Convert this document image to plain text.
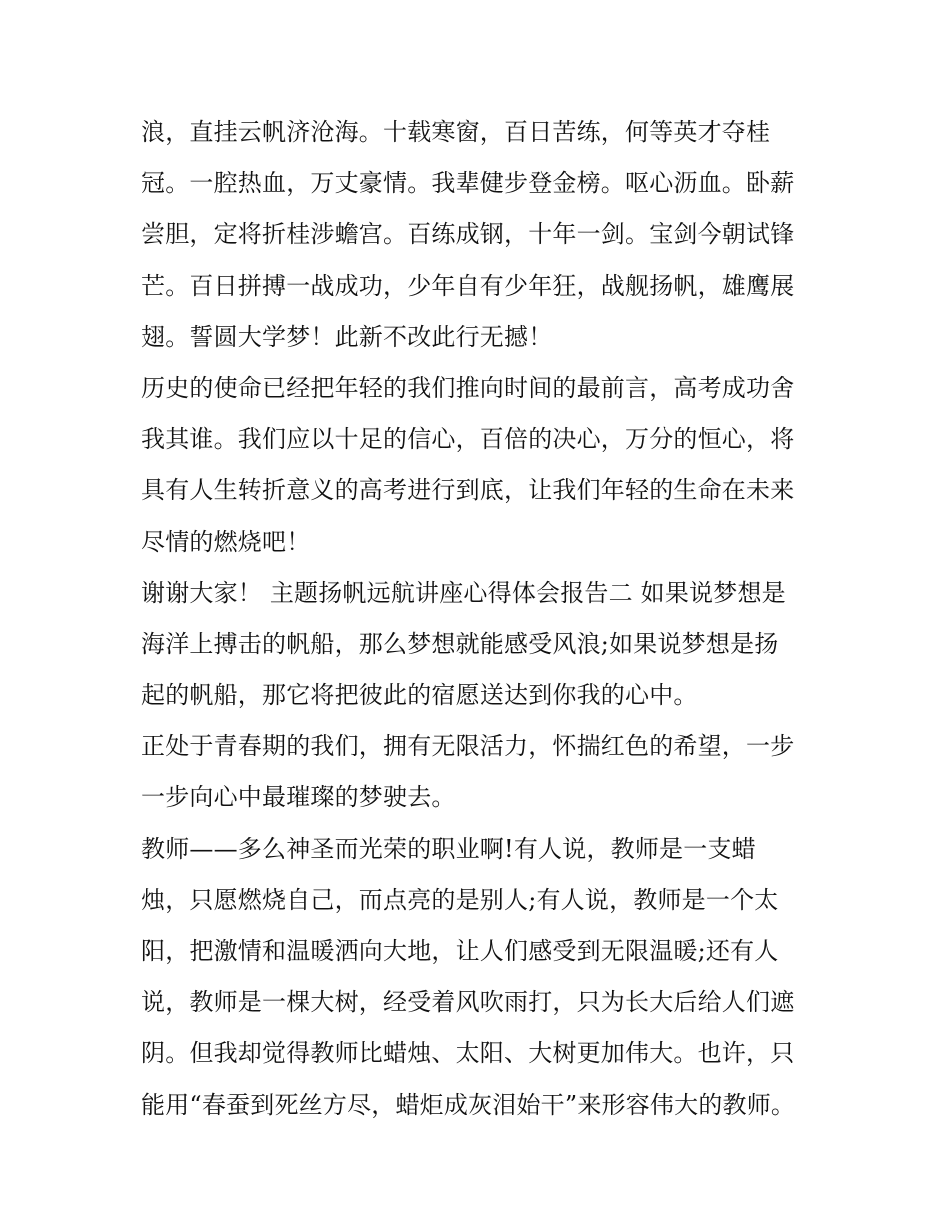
浪，直挂云帆济沧海。十载寒窗，百日苦练，何等英才夺桂
冠。一腔热血，万丈豪情。我辈健步登金榜。呕心沥血。卧薪
尝胆，定将折桂涉蟾宫。百练成钢，十年一剑。宝剑今朝试锋
芒。百日拼搏一战成功，少年自有少年狂，战舰扬帆，雄鹰展
翅。誓圆大学梦！此新不改此行无撼！
历史的使命已经把年轻的我们推向时间的最前言，高考成功舍
我其谁。我们应以十足的信心，百倍的决心，万分的恒心，将
具有人生转折意义的高考进行到底，让我们年轻的生命在未来
尽情的燃烧吧！
谢谢大家！ 主题扬帆远航讲座心得体会报告二 如果说梦想是
海洋上搏击的帆船，那么梦想就能感受风浪;如果说梦想是扬
起的帆船，那它将把彼此的宿愿送达到你我的心中。
正处于青春期的我们，拥有无限活力，怀揣红色的希望，一步
一步向心中最璀璨的梦驶去。
教师——多么神圣而光荣的职业啊!有人说，教师是一支蜡
烛，只愿燃烧自己，而点亮的是别人;有人说，教师是一个太
阳，把激情和温暖洒向大地，让人们感受到无限温暖;还有人
说，教师是一棵大树，经受着风吹雨打，只为长大后给人们遮
阴。但我却觉得教师比蜡烛、太阳、大树更加伟大。也许，只
能用“春蚕到死丝方尽，蜡炬成灰泪始干”来形容伟大的教师。
